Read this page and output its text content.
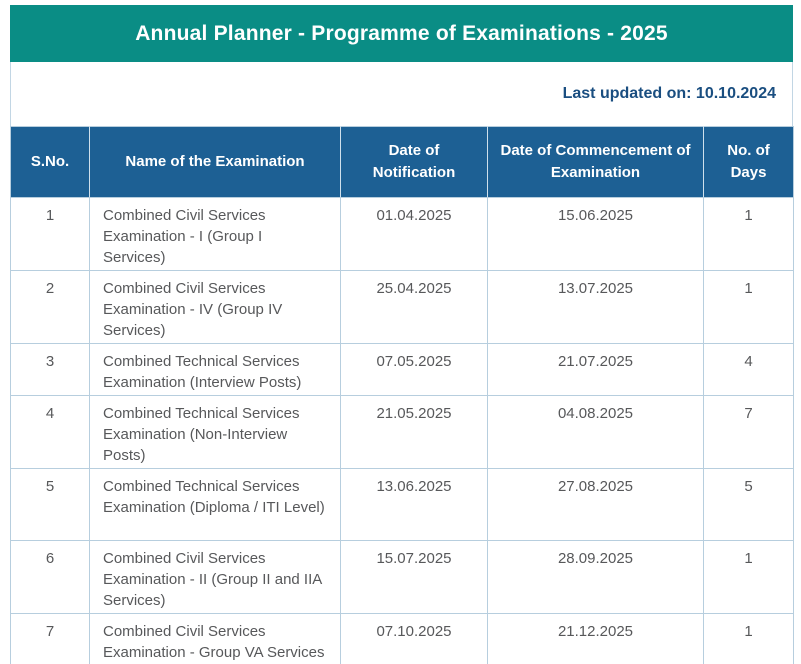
Annual Planner - Programme of Examinations - 2025
Last updated on: 10.10.2024
S.No.	Name of the Examination	Date of Notification	Date of Commencement of Examination	No. of Days
1	Combined Civil Services Examination - I (Group I Services)	01.04.2025	15.06.2025	1
2	Combined Civil Services Examination - IV (Group IV Services)	25.04.2025	13.07.2025	1
3	Combined Technical Services Examination (Interview Posts)	07.05.2025	21.07.2025	4
4	Combined Technical Services Examination (Non-Interview Posts)	21.05.2025	04.08.2025	7
5	Combined Technical Services Examination (Diploma / ITI Level)	13.06.2025	27.08.2025	5
6	Combined Civil Services Examination - II (Group II and IIA Services)	15.07.2025	28.09.2025	1
7	Combined Civil Services Examination - Group VA Services	07.10.2025	21.12.2025	1
